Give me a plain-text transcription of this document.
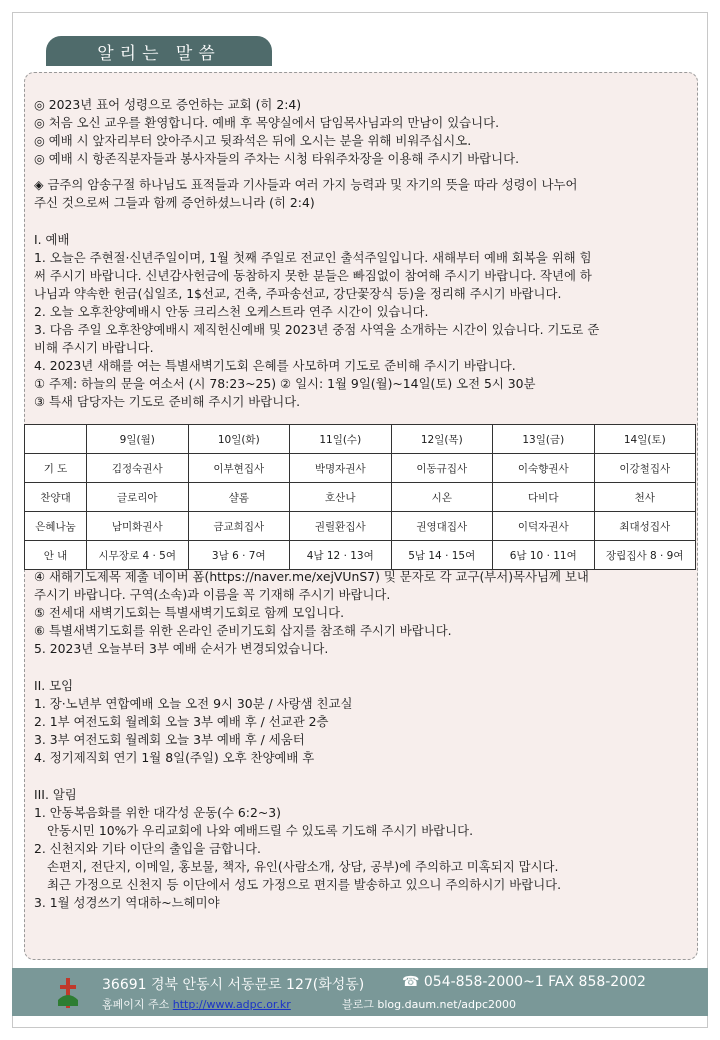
알리는 말씀
◎ 2023년 표어 성령으로 증언하는 교회 (히 2:4)
◎ 처음 오신 교우를 환영합니다. 예배 후 목양실에서 담임목사님과의 만남이 있습니다.
◎ 예배 시 앞자리부터 앉아주시고 뒷좌석은 뒤에 오시는 분을 위해 비워주십시오.
◎ 예배 시 항존직분자들과 봉사자들의 주차는 시청 타워주차장을 이용해 주시기 바랍니다.
◈ 금주의 암송구절 하나님도 표적들과 기사들과 여러 가지 능력과 및 자기의 뜻을 따라 성령이 나누어
주신 것으로써 그들과 함께 증언하셨느니라 (히 2:4)
I. 예배
1. 오늘은 주현절·신년주일이며, 1월 첫째 주일로 전교인 출석주일입니다. 새해부터 예배 회복을 위해 힘
써 주시기 바랍니다. 신년감사헌금에 동참하지 못한 분들은 빠짐없이 참여해 주시기 바랍니다. 작년에 하
나님과 약속한 헌금(십일조, 1$선교, 건축, 주파송선교, 강단꽃장식 등)을 정리해 주시기 바랍니다.
2. 오늘 오후찬양예배시 안동 크리스천 오케스트라 연주 시간이 있습니다.
3. 다음 주일 오후찬양예배시 제직헌신예배 및 2023년 중점 사역을 소개하는 시간이 있습니다. 기도로 준
비해 주시기 바랍니다.
4. 2023년 새해를 여는 특별새벽기도회 은혜를 사모하며 기도로 준비해 주시기 바랍니다.
① 주제: 하늘의 문을 여소서 (시 78:23~25) ② 일시: 1월 9일(월)~14일(토) 오전 5시 30분
③ 특새 담당자는 기도로 준비해 주시기 바랍니다.
	9일(월)	10일(화)	11일(수)	12일(목)	13일(금)	14일(토)
기 도	김정숙권사	이부현집사	박명자권사	이동규집사	이숙향권사	이강철집사
찬양대	글로리아	샬롬	호산나	시온	다비다	천사
은혜나눔	남미화권사	금교희집사	권릴환집사	권영대집사	이덕자권사	최대성집사
안 내	시무장로 4 · 5여	3남 6 · 7여	4남 12 · 13여	5남 14 · 15여	6남 10 · 11여	장립집사 8 · 9여
④ 새해기도제목 제출 네이버 폼(https://naver.me/xejVUnS7) 및 문자로 각 교구(부서)목사님께 보내
주시기 바랍니다. 구역(소속)과 이름을 꼭 기재해 주시기 바랍니다.
⑤ 전세대 새벽기도회는 특별새벽기도회로 함께 모입니다.
⑥ 특별새벽기도회를 위한 온라인 준비기도회 삽지를 참조해 주시기 바랍니다.
5. 2023년 오늘부터 3부 예배 순서가 변경되었습니다.
II. 모임
1. 장·노년부 연합예배 오늘 오전 9시 30분 / 사랑샘 친교실
2. 1부 여전도회 월례회 오늘 3부 예배 후 / 선교관 2층
3. 3부 여전도회 월례회 오늘 3부 예배 후 / 세움터
4. 정기제직회 연기 1월 8일(주일) 오후 찬양예배 후
III. 알림
1. 안동복음화를 위한 대각성 운동(수 6:2~3)
안동시민 10%가 우리교회에 나와 예배드릴 수 있도록 기도해 주시기 바랍니다.
2. 신천지와 기타 이단의 출입을 금합니다.
손편지, 전단지, 이메일, 홍보물, 책자, 유인(사람소개, 상담, 공부)에 주의하고 미혹되지 맙시다.
최근 가정으로 신천지 등 이단에서 성도 가정으로 편지를 발송하고 있으니 주의하시기 바랍니다.
3. 1월 성경쓰기 역대하~느헤미야
36691 경북 안동시 서동문로 127(화성동)	☎ 054-858-2000~1 FAX 858-2002
홈페이지 주소 http://www.adpc.or.kr	블로그 blog.daum.net/adpc2000
